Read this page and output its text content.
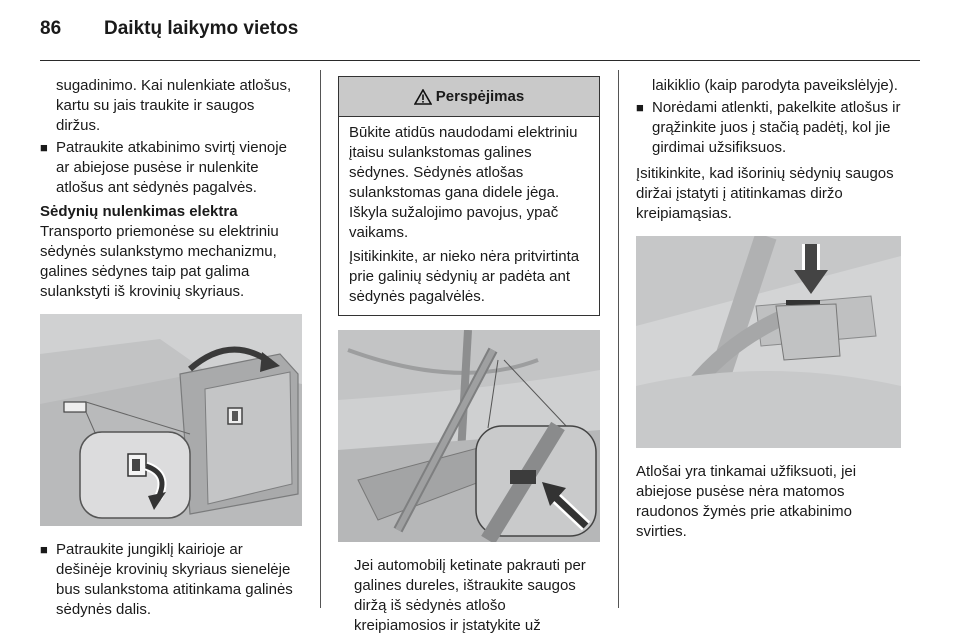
86	Daiktų laikymo vietos

sugadinimo. Kai nulenkiate atlošus, kartu su jais traukite ir saugos diržus.

■ Patraukite atkabinimo svirtį vienoje ar abiejose pusėse ir nulenkite atlošus ant sėdynės pagalvės.

Sėdynių nulenkimas elektra

Transporto priemonėse su elektriniu sėdynės sulankstymo mechanizmu, galines sėdynes taip pat galima sulankstyti iš krovinių skyriaus.

■ Patraukite jungiklį kairioje ar dešinėje krovinių skyriaus sienelėje bus sulankstoma atitinkama galinės sėdynės dalis.
Perspėjimas

Būkite atidūs naudodami elektriniu įtaisu sulankstomas galines sėdynes. Sėdynės atlošas sulankstomas gana didele jėga. Iškyla sužalojimo pavojus, ypač vaikams.

Įsitikinkite, ar nieko nėra pritvirtinta prie galinių sėdynių ar padėta ant sėdynės pagalvėlės.

Jei automobilį ketinate pakrauti per galines dureles, ištraukite saugos diržą iš sėdynės atlošo kreipiamosios ir įstatykite už

laikiklio (kaip parodyta paveikslėlyje).

■ Norėdami atlenkti, pakelkite atlošus ir grąžinkite juos į stačią padėtį, kol jie girdimai užsifiksuos.

Įsitikinkite, kad išorinių sėdynių saugos diržai įstatyti į atitinkamas diržo kreipiamąsias.

Atlošai yra tinkamai užfiksuoti, jei abiejose pusėse nėra matomos raudonos žymės prie atkabinimo svirties.
